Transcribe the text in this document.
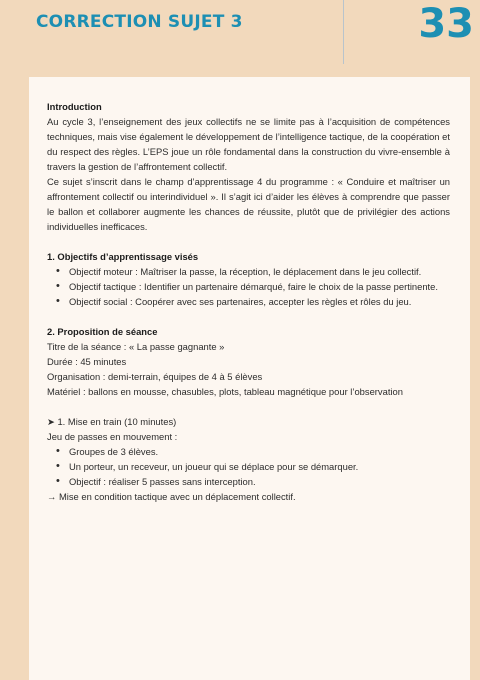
CORRECTION SUJET 3	33
Introduction

Au cycle 3, l’enseignement des jeux collectifs ne se limite pas à l’acquisition de compétences techniques, mais vise également le développement de l’intelligence tactique, de la coopération et du respect des règles. L’EPS joue un rôle fondamental dans la construction du vivre-ensemble à travers la gestion de l’affrontement collectif.

Ce sujet s’inscrit dans le champ d’apprentissage 4 du programme : « Conduire et maîtriser un affrontement collectif ou interindividuel ». Il s’agit ici d’aider les élèves à comprendre que passer le ballon et collaborer augmente les chances de réussite, plutôt que de privilégier des actions individuelles inefficaces.

1. Objectifs d’apprentissage visés
• Objectif moteur : Maîtriser la passe, la réception, le déplacement dans le jeu collectif.
• Objectif tactique : Identifier un partenaire démarqué, faire le choix de la passe pertinente.
• Objectif social : Coopérer avec ses partenaires, accepter les règles et rôles du jeu.
2. Proposition de séance
Titre de la séance : « La passe gagnante »
Durée : 45 minutes
Organisation : demi-terrain, équipes de 4 à 5 élèves

Matériel : ballons en mousse, chasubles, plots, tableau magnétique pour l’observation

➤ 1. Mise en train (10 minutes)
Jeu de passes en mouvement :
• Groupes de 3 élèves.
• Un porteur, un receveur, un joueur qui se déplace pour se démarquer.
• Objectif : réaliser 5 passes sans interception.
→ Mise en condition tactique avec un déplacement collectif.
